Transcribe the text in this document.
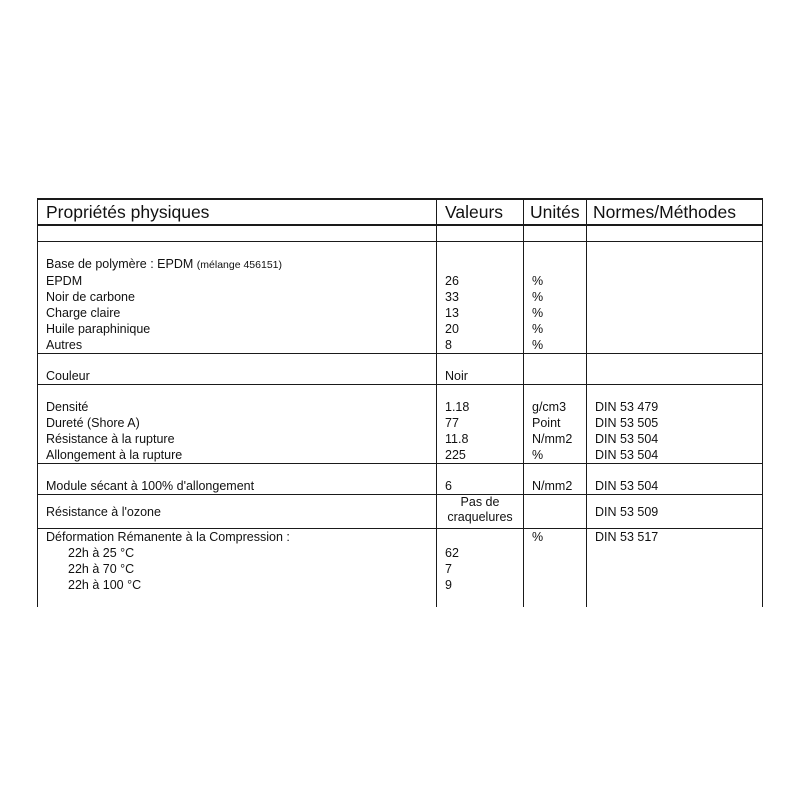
Propriétés physiques	Valeurs	Unités	Normes/Méthodes

Base de polymère : EPDM (mélange 456151)			
EPDM	26	%	
Noir de carbone	33	%	
Charge claire	13	%	
Huile paraphinique	20	%	
Autres	8	%	

Couleur	Noir		

Densité	1.18	g/cm3	DIN 53 479
Dureté (Shore A)	77	Point	DIN 53 505
Résistance à la rupture	11.8	N/mm2	DIN 53 504
Allongement à la rupture	225	%	DIN 53 504

Module sécant à 100% d'allongement	6	N/mm2	DIN 53 504
Résistance à l'ozone	Pas de craquelures		DIN 53 509
Déformation Rémanente à la Compression :		%	DIN 53 517
22h à 25 °C	62		
22h à 70 °C	7		
22h à 100 °C	9		
